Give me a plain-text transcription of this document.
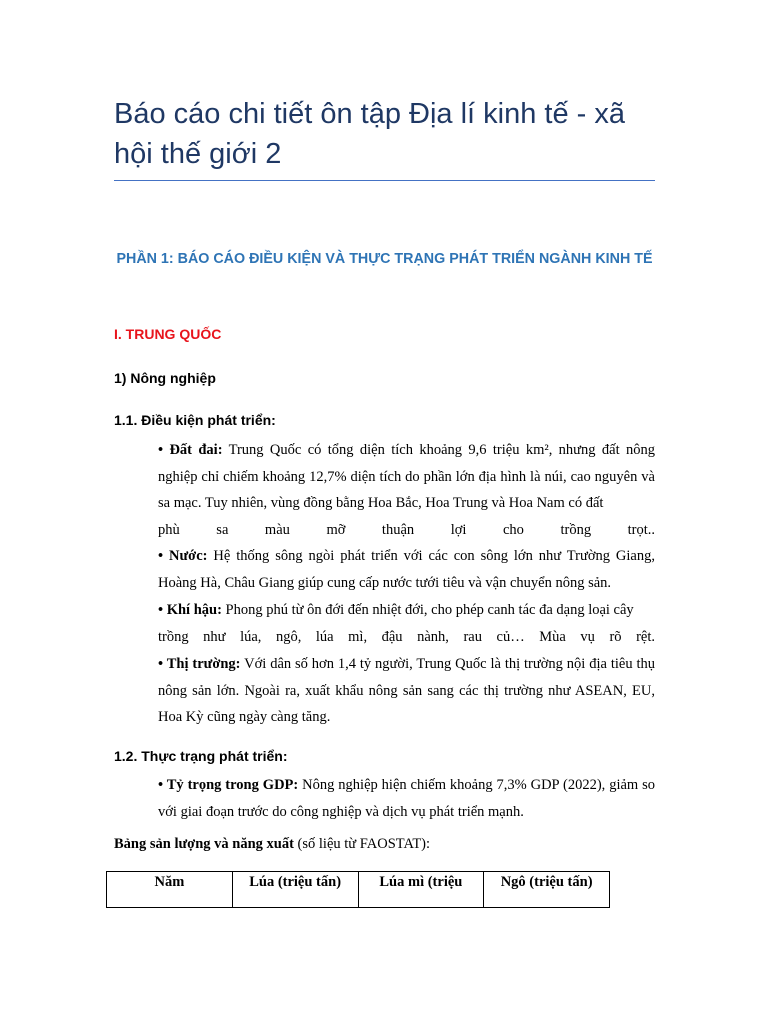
Báo cáo chi tiết ôn tập Địa lí kinh tế - xã hội thế giới 2
PHẦN 1: BÁO CÁO ĐIỀU KIỆN VÀ THỰC TRẠNG PHÁT TRIỂN NGÀNH KINH TẾ
I. TRUNG QUỐC
1) Nông nghiệp
1.1. Điều kiện phát triển:

• Đất đai: Trung Quốc có tổng diện tích khoảng 9,6 triệu km², nhưng đất nông nghiệp chỉ chiếm khoảng 12,7% diện tích do phần lớn địa hình là núi, cao nguyên và sa mạc. Tuy nhiên, vùng đồng bằng Hoa Bắc, Hoa Trung và Hoa Nam có đất

phù sa màu mỡ thuận lợi cho trồng trọt..

• Nước: Hệ thống sông ngòi phát triển với các con sông lớn như Trường Giang, Hoàng Hà, Châu Giang giúp cung cấp nước tưới tiêu và vận chuyển nông sản.

• Khí hậu: Phong phú từ ôn đới đến nhiệt đới, cho phép canh tác đa dạng loại cây

trồng như lúa, ngô, lúa mì, đậu nành, rau củ… Mùa vụ rõ rệt.

• Thị trường: Với dân số hơn 1,4 tỷ người, Trung Quốc là thị trường nội địa tiêu thụ nông sản lớn. Ngoài ra, xuất khẩu nông sản sang các thị trường như ASEAN, EU, Hoa Kỳ cũng ngày càng tăng.

1.2. Thực trạng phát triển:

• Tỷ trọng trong GDP: Nông nghiệp hiện chiếm khoảng 7,3% GDP (2022), giảm so với giai đoạn trước do công nghiệp và dịch vụ phát triển mạnh.

Bảng sản lượng và năng xuất (số liệu từ FAOSTAT):

Năm	Lúa (triệu tấn)	Lúa mì (triệu	Ngô (triệu tấn)
